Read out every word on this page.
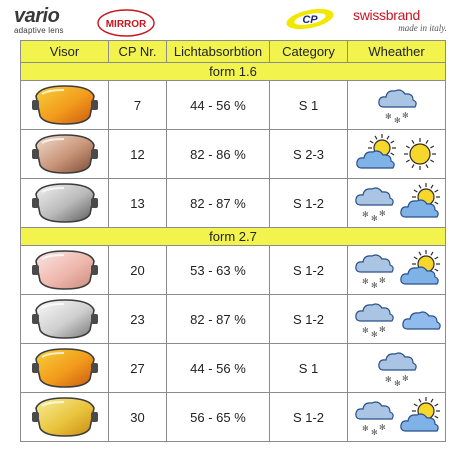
vario
adaptive lens
MIRROR	CP	swissbrand
made in italy.
Visor	CP Nr.	Lichtabsorbtion	Category	Wheather
form 1.6				

	7	44 - 56 %	S 1	✻ ✻
✻

	12	82 - 86 %	S 2-3	

	13	82 - 87 %	S 1-2	✻ ✻
✻

form 2.7				

	20	53 - 63 %	S 1-2	✻ ✻
✻

	23	82 - 87 %	S 1-2	✻ ✻
✻

	27	44 - 56 %	S 1	✻ ✻
✻

	30	56 - 65 %	S 1-2	✻ ✻
✻
